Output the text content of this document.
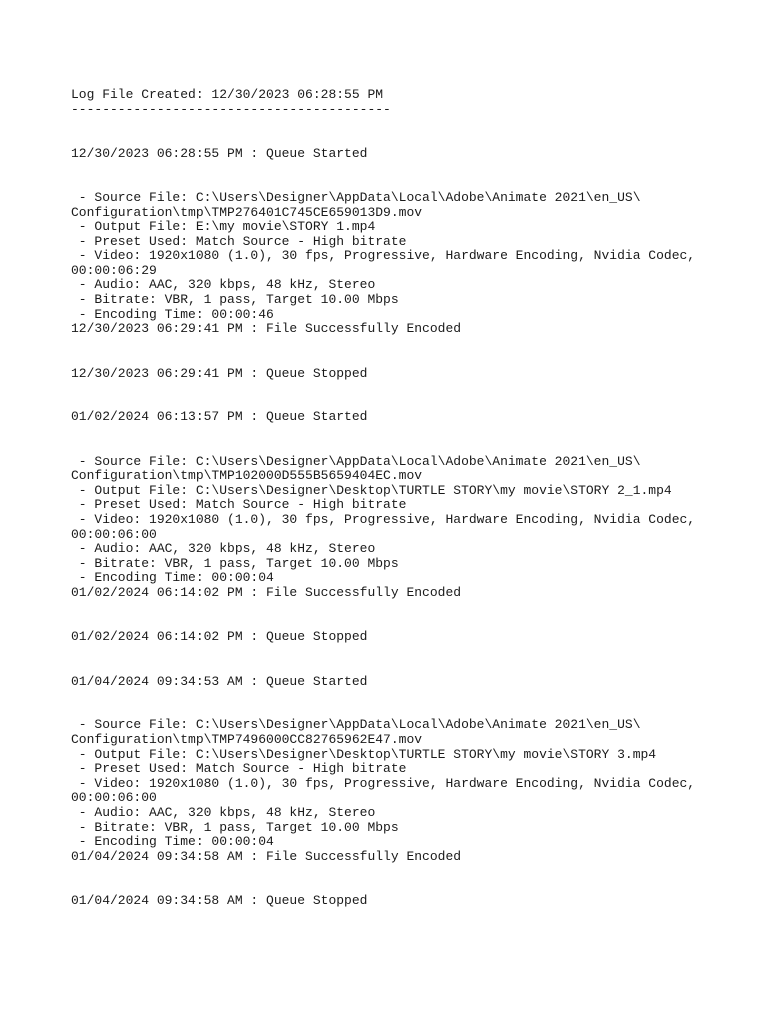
Log File Created: 12/30/2023 06:28:55 PM
-----------------------------------------
12/30/2023 06:28:55 PM : Queue Started
- Source File: C:\Users\Designer\AppData\Local\Adobe\Animate 2021\en_US\
Configuration\tmp\TMP276401C745CE659013D9.mov
- Output File: E:\my movie\STORY 1.mp4
- Preset Used: Match Source - High bitrate
- Video: 1920x1080 (1.0), 30 fps, Progressive, Hardware Encoding, Nvidia Codec,
00:00:06:29
- Audio: AAC, 320 kbps, 48 kHz, Stereo
- Bitrate: VBR, 1 pass, Target 10.00 Mbps
- Encoding Time: 00:00:46
12/30/2023 06:29:41 PM : File Successfully Encoded
12/30/2023 06:29:41 PM : Queue Stopped
01/02/2024 06:13:57 PM : Queue Started
- Source File: C:\Users\Designer\AppData\Local\Adobe\Animate 2021\en_US\
Configuration\tmp\TMP102000D555B5659404EC.mov
- Output File: C:\Users\Designer\Desktop\TURTLE STORY\my movie\STORY 2_1.mp4
- Preset Used: Match Source - High bitrate
- Video: 1920x1080 (1.0), 30 fps, Progressive, Hardware Encoding, Nvidia Codec,
00:00:06:00
- Audio: AAC, 320 kbps, 48 kHz, Stereo
- Bitrate: VBR, 1 pass, Target 10.00 Mbps
- Encoding Time: 00:00:04
01/02/2024 06:14:02 PM : File Successfully Encoded
01/02/2024 06:14:02 PM : Queue Stopped
01/04/2024 09:34:53 AM : Queue Started
- Source File: C:\Users\Designer\AppData\Local\Adobe\Animate 2021\en_US\
Configuration\tmp\TMP7496000CC82765962E47.mov
- Output File: C:\Users\Designer\Desktop\TURTLE STORY\my movie\STORY 3.mp4
- Preset Used: Match Source - High bitrate
- Video: 1920x1080 (1.0), 30 fps, Progressive, Hardware Encoding, Nvidia Codec,
00:00:06:00
- Audio: AAC, 320 kbps, 48 kHz, Stereo
- Bitrate: VBR, 1 pass, Target 10.00 Mbps
- Encoding Time: 00:00:04
01/04/2024 09:34:58 AM : File Successfully Encoded
01/04/2024 09:34:58 AM : Queue Stopped
